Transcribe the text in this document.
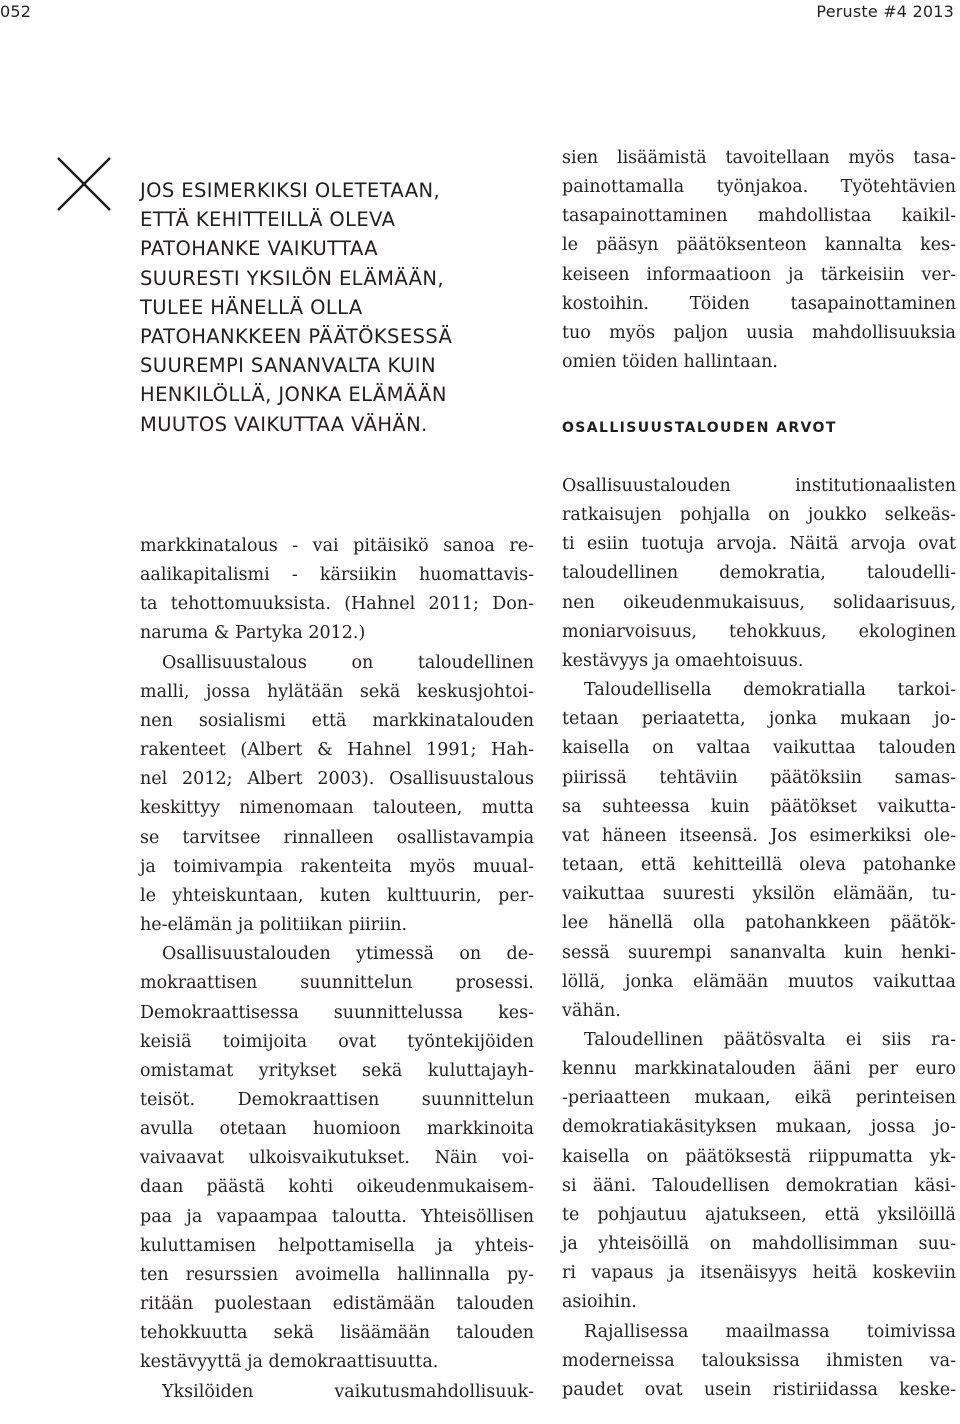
052	Peruste #4 2013
JOS ESIMERKIKSI OLETETAAN,
ETTÄ KEHITTEILLÄ OLEVA
PATOHANKE VAIKUTTAA
SUURESTI YKSILÖN ELÄMÄÄN,
TULEE HÄNELLÄ OLLA
PATOHANKKEEN PÄÄTÖKSESSÄ
SUUREMPI SANANVALTA KUIN
HENKILÖLLÄ, JONKA ELÄMÄÄN
MUUTOS VAIKUTTAA VÄHÄN.
markkinatalous - vai pitäisikö sanoa re-
aalikapitalismi - kärsiikin huomattavis-
ta tehottomuuksista. (Hahnel 2011; Don-
naruma & Partyka 2012.)
Osallisuustalous on taloudellinen
malli, jossa hylätään sekä keskusjohtoi-
nen sosialismi että markkinatalouden
rakenteet (Albert & Hahnel 1991; Hah-
nel 2012; Albert 2003). Osallisuustalous
keskittyy nimenomaan talouteen, mutta
se tarvitsee rinnalleen osallistavampia
ja toimivampia rakenteita myös muual-
le yhteiskuntaan, kuten kulttuurin, per-
he-elämän ja politiikan piiriin.
Osallisuustalouden ytimessä on de-
mokraattisen suunnittelun prosessi.
Demokraattisessa suunnittelussa kes-
keisiä toimijoita ovat työntekijöiden
omistamat yritykset sekä kuluttajayh-
teisöt. Demokraattisen suunnittelun
avulla otetaan huomioon markkinoita
vaivaavat ulkoisvaikutukset. Näin voi-
daan päästä kohti oikeudenmukaisem-
paa ja vapaampaa taloutta. Yhteisöllisen
kuluttamisen helpottamisella ja yhteis-
ten resurssien avoimella hallinnalla py-
ritään puolestaan edistämään talouden
tehokkuutta sekä lisäämään talouden
kestävyyttä ja demokraattisuutta.
Yksilöiden vaikutusmahdollisuuk-
sien lisäämistä tavoitellaan myös tasa-
painottamalla työnjakoa. Työtehtävien
tasapainottaminen mahdollistaa kaikil-
le pääsyn päätöksenteon kannalta kes-
keiseen informaatioon ja tärkeisiin ver-
kostoihin. Töiden tasapainottaminen
tuo myös paljon uusia mahdollisuuksia
omien töiden hallintaan.
OSALLISUUSTALOUDEN ARVOT
Osallisuustalouden institutionaalisten
ratkaisujen pohjalla on joukko selkeäs-
ti esiin tuotuja arvoja. Näitä arvoja ovat
taloudellinen demokratia, taloudelli-
nen oikeudenmukaisuus, solidaarisuus,
moniarvoisuus, tehokkuus, ekologinen
kestävyys ja omaehtoisuus.
Taloudellisella demokratialla tarkoi-
tetaan periaatetta, jonka mukaan jo-
kaisella on valtaa vaikuttaa talouden
piirissä tehtäviin päätöksiin samas-
sa suhteessa kuin päätökset vaikutta-
vat häneen itseensä. Jos esimerkiksi ole-
tetaan, että kehitteillä oleva patohanke
vaikuttaa suuresti yksilön elämään, tu-
lee hänellä olla patohankkeen päätök-
sessä suurempi sananvalta kuin henki-
löllä, jonka elämään muutos vaikuttaa
vähän.
Taloudellinen päätösvalta ei siis ra-
kennu markkinatalouden ääni per euro
-periaatteen mukaan, eikä perinteisen
demokratiakäsityksen mukaan, jossa jo-
kaisella on päätöksestä riippumatta yk-
si ääni. Taloudellisen demokratian käsi-
te pohjautuu ajatukseen, että yksilöillä
ja yhteisöillä on mahdollisimman suu-
ri vapaus ja itsenäisyys heitä koskeviin
asioihin.
Rajallisessa maailmassa toimivissa
moderneissa talouksissa ihmisten va-
paudet ovat usein ristiriidassa keske-
